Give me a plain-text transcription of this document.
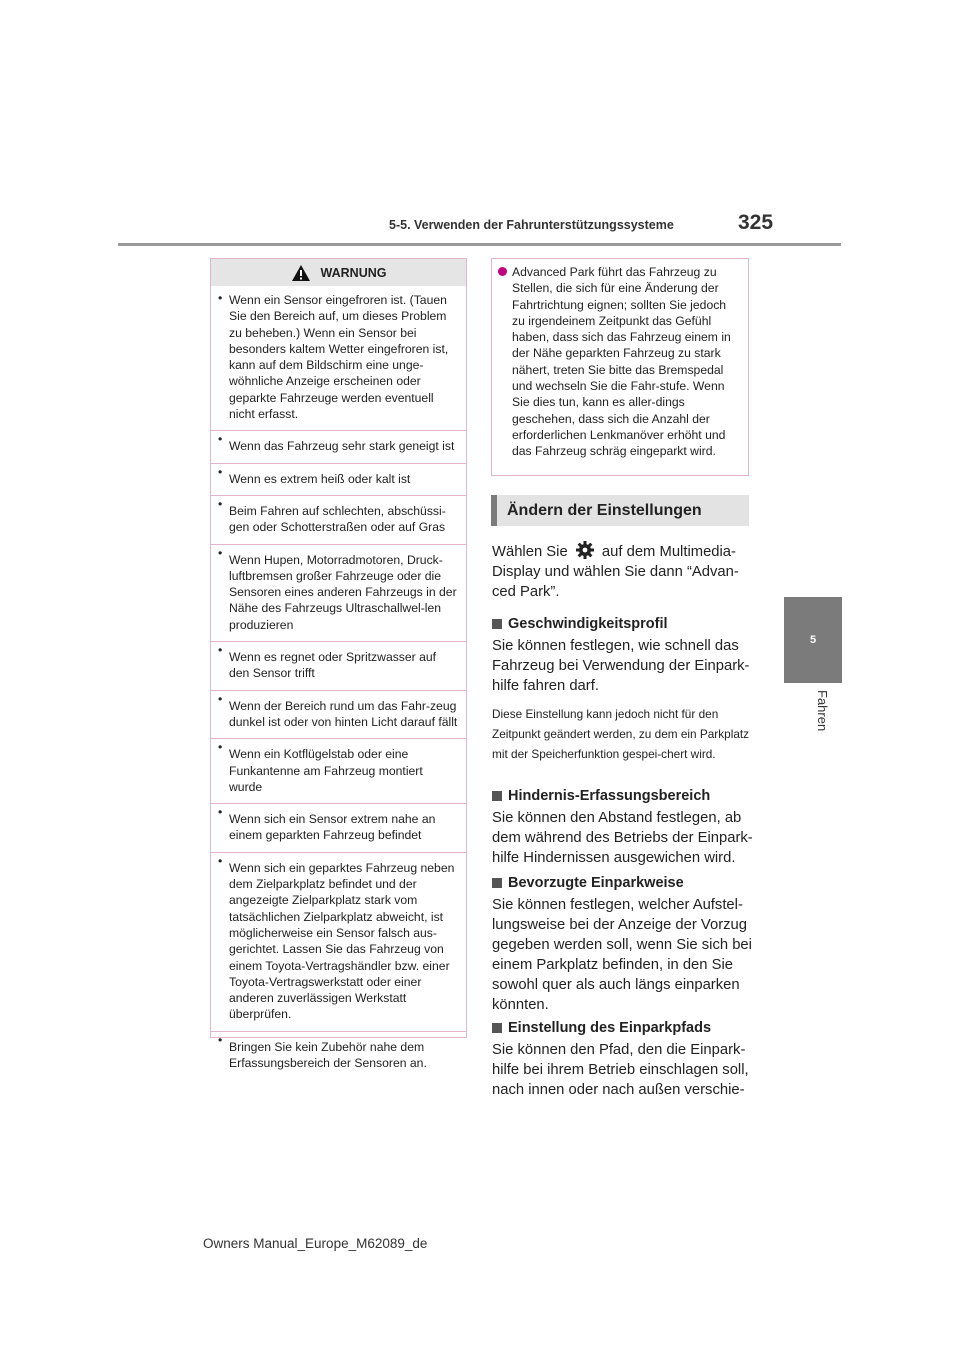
5-5. Verwenden der Fahrunterstützungssysteme	325
5
Fahren
WARNUNG
• Wenn ein Sensor eingefroren ist. (Tauen Sie den Bereich auf, um dieses Problem zu beheben.) Wenn ein Sensor bei besonders kaltem Wetter eingefroren ist, kann auf dem Bildschirm eine unge-wöhnliche Anzeige erscheinen oder geparkte Fahrzeuge werden eventuell nicht erfasst.
• Wenn das Fahrzeug sehr stark geneigt ist
• Wenn es extrem heiß oder kalt ist
• Beim Fahren auf schlechten, abschüssi-gen oder Schotterstraßen oder auf Gras
• Wenn Hupen, Motorradmotoren, Druck-luftbremsen großer Fahrzeuge oder die Sensoren eines anderen Fahrzeugs in der Nähe des Fahrzeugs Ultraschallwel-len produzieren
• Wenn es regnet oder Spritzwasser auf den Sensor trifft
• Wenn der Bereich rund um das Fahr-zeug dunkel ist oder von hinten Licht darauf fällt
• Wenn ein Kotflügelstab oder eine Funkantenne am Fahrzeug montiert wurde
• Wenn sich ein Sensor extrem nahe an einem geparkten Fahrzeug befindet
• Wenn sich ein geparktes Fahrzeug neben dem Zielparkplatz befindet und der angezeigte Zielparkplatz stark vom tatsächlichen Zielparkplatz abweicht, ist möglicherweise ein Sensor falsch aus-gerichtet. Lassen Sie das Fahrzeug von einem Toyota-Vertragshändler bzw. einer Toyota-Vertragswerkstatt oder einer anderen zuverlässigen Werkstatt überprüfen.
• Bringen Sie kein Zubehör nahe dem Erfassungsbereich der Sensoren an.
Advanced Park führt das Fahrzeug zu Stellen, die sich für eine Änderung der Fahrtrichtung eignen; sollten Sie jedoch zu irgendeinem Zeitpunkt das Gefühl haben, dass sich das Fahrzeug einem in der Nähe geparkten Fahrzeug zu stark nähert, treten Sie bitte das Bremspedal und wechseln Sie die Fahr-stufe. Wenn Sie dies tun, kann es aller-dings geschehen, dass sich die Anzahl der erforderlichen Lenkmanöver erhöht und das Fahrzeug schräg eingeparkt wird.
Ändern der Einstellungen

Wählen Sie auf dem Multimedia-Display und wählen Sie dann “Advan-ced Park”.

Geschwindigkeitsprofil

Sie können festlegen, wie schnell das Fahrzeug bei Verwendung der Einpark-hilfe fahren darf.

Diese Einstellung kann jedoch nicht für den Zeitpunkt geändert werden, zu dem ein Parkplatz mit der Speicherfunktion gespei-chert wird.

Hindernis-Erfassungsbereich

Sie können den Abstand festlegen, ab dem während des Betriebs der Einpark-hilfe Hindernissen ausgewichen wird.

Bevorzugte Einparkweise

Sie können festlegen, welcher Aufstel-lungsweise bei der Anzeige der Vorzug gegeben werden soll, wenn Sie sich bei einem Parkplatz befinden, in den Sie sowohl quer als auch längs einparken könnten.

Einstellung des Einparkpfads

Sie können den Pfad, den die Einpark-hilfe bei ihrem Betrieb einschlagen soll, nach innen oder nach außen verschie-

Owners Manual_Europe_M62089_de
